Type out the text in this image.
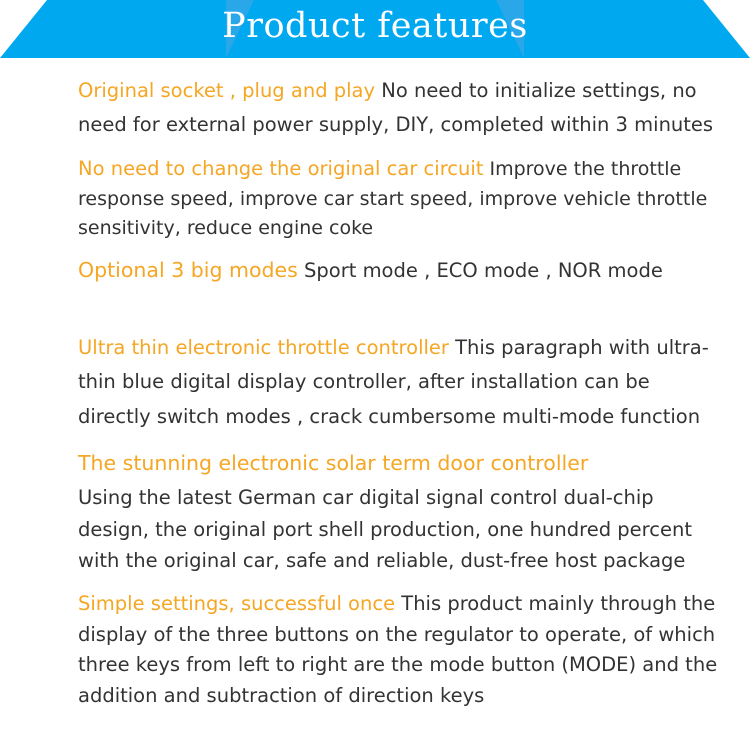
Product features
Original socket , plug and play No need to initialize settings, no need for external power supply, DIY, completed within 3 minutes
No need to change the original car circuit Improve the throttle response speed, improve car start speed, improve vehicle throttle sensitivity, reduce engine coke
Optional 3 big modes Sport mode , ECO mode , NOR mode
Ultra thin electronic throttle controller This paragraph with ultra-thin blue digital display controller, after installation can be directly switch modes , crack cumbersome multi-mode function
The stunning electronic solar term door controller
Using the latest German car digital signal control dual-chip design, the original port shell production, one hundred percent with the original car, safe and reliable, dust-free host package
Simple settings, successful once This product mainly through the display of the three buttons on the regulator to operate, of which three keys from left to right are the mode button (MODE) and the addition and subtraction of direction keys
